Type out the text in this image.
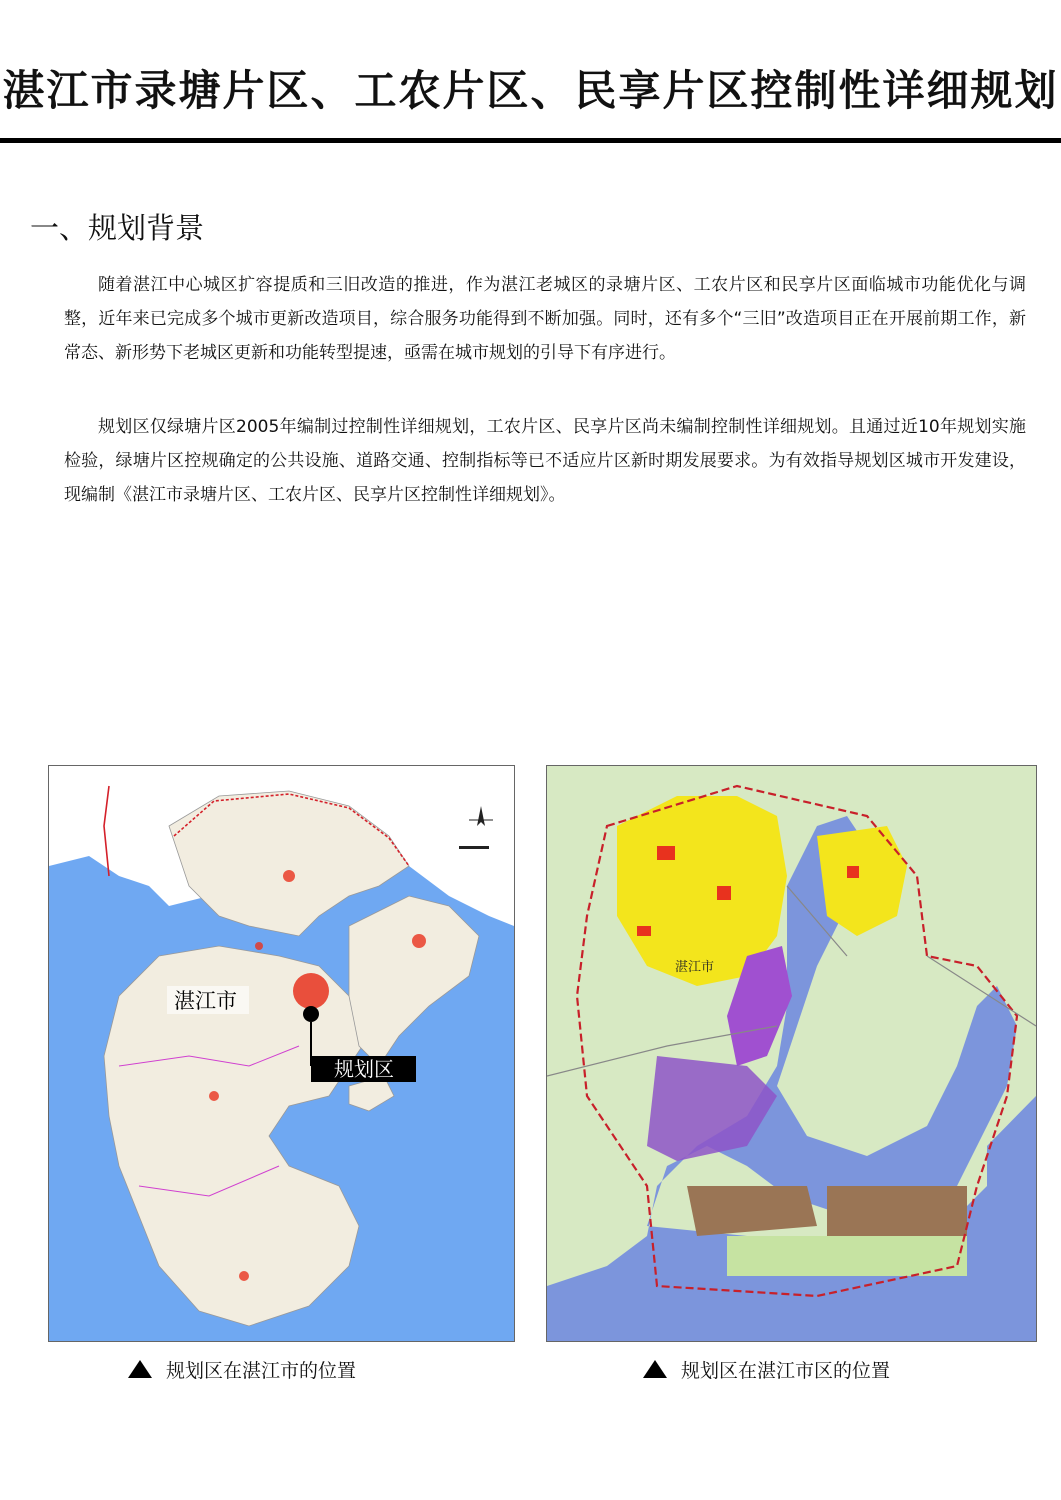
湛江市录塘片区、工农片区、民享片区控制性详细规划
一、规划背景

随着湛江中心城区扩容提质和三旧改造的推进，作为湛江老城区的录塘片区、工农片区和民享片区面临城市功能优化与调整，近年来已完成多个城市更新改造项目，综合服务功能得到不断加强。同时，还有多个“三旧”改造项目正在开展前期工作，新常态、新形势下老城区更新和功能转型提速，亟需在城市规划的引导下有序进行。

规划区仅绿塘片区2005年编制过控制性详细规划，工农片区、民享片区尚未编制控制性详细规划。且通过近10年规划实施检验，绿塘片区控规确定的公共设施、道路交通、控制指标等已不适应片区新时期发展要求。为有效指导规划区城市开发建设，现编制《湛江市录塘片区、工农片区、民享片区控制性详细规划》。

规划区
湛江市
湛江市
规划区在湛江市的位置	规划区在湛江市区的位置
